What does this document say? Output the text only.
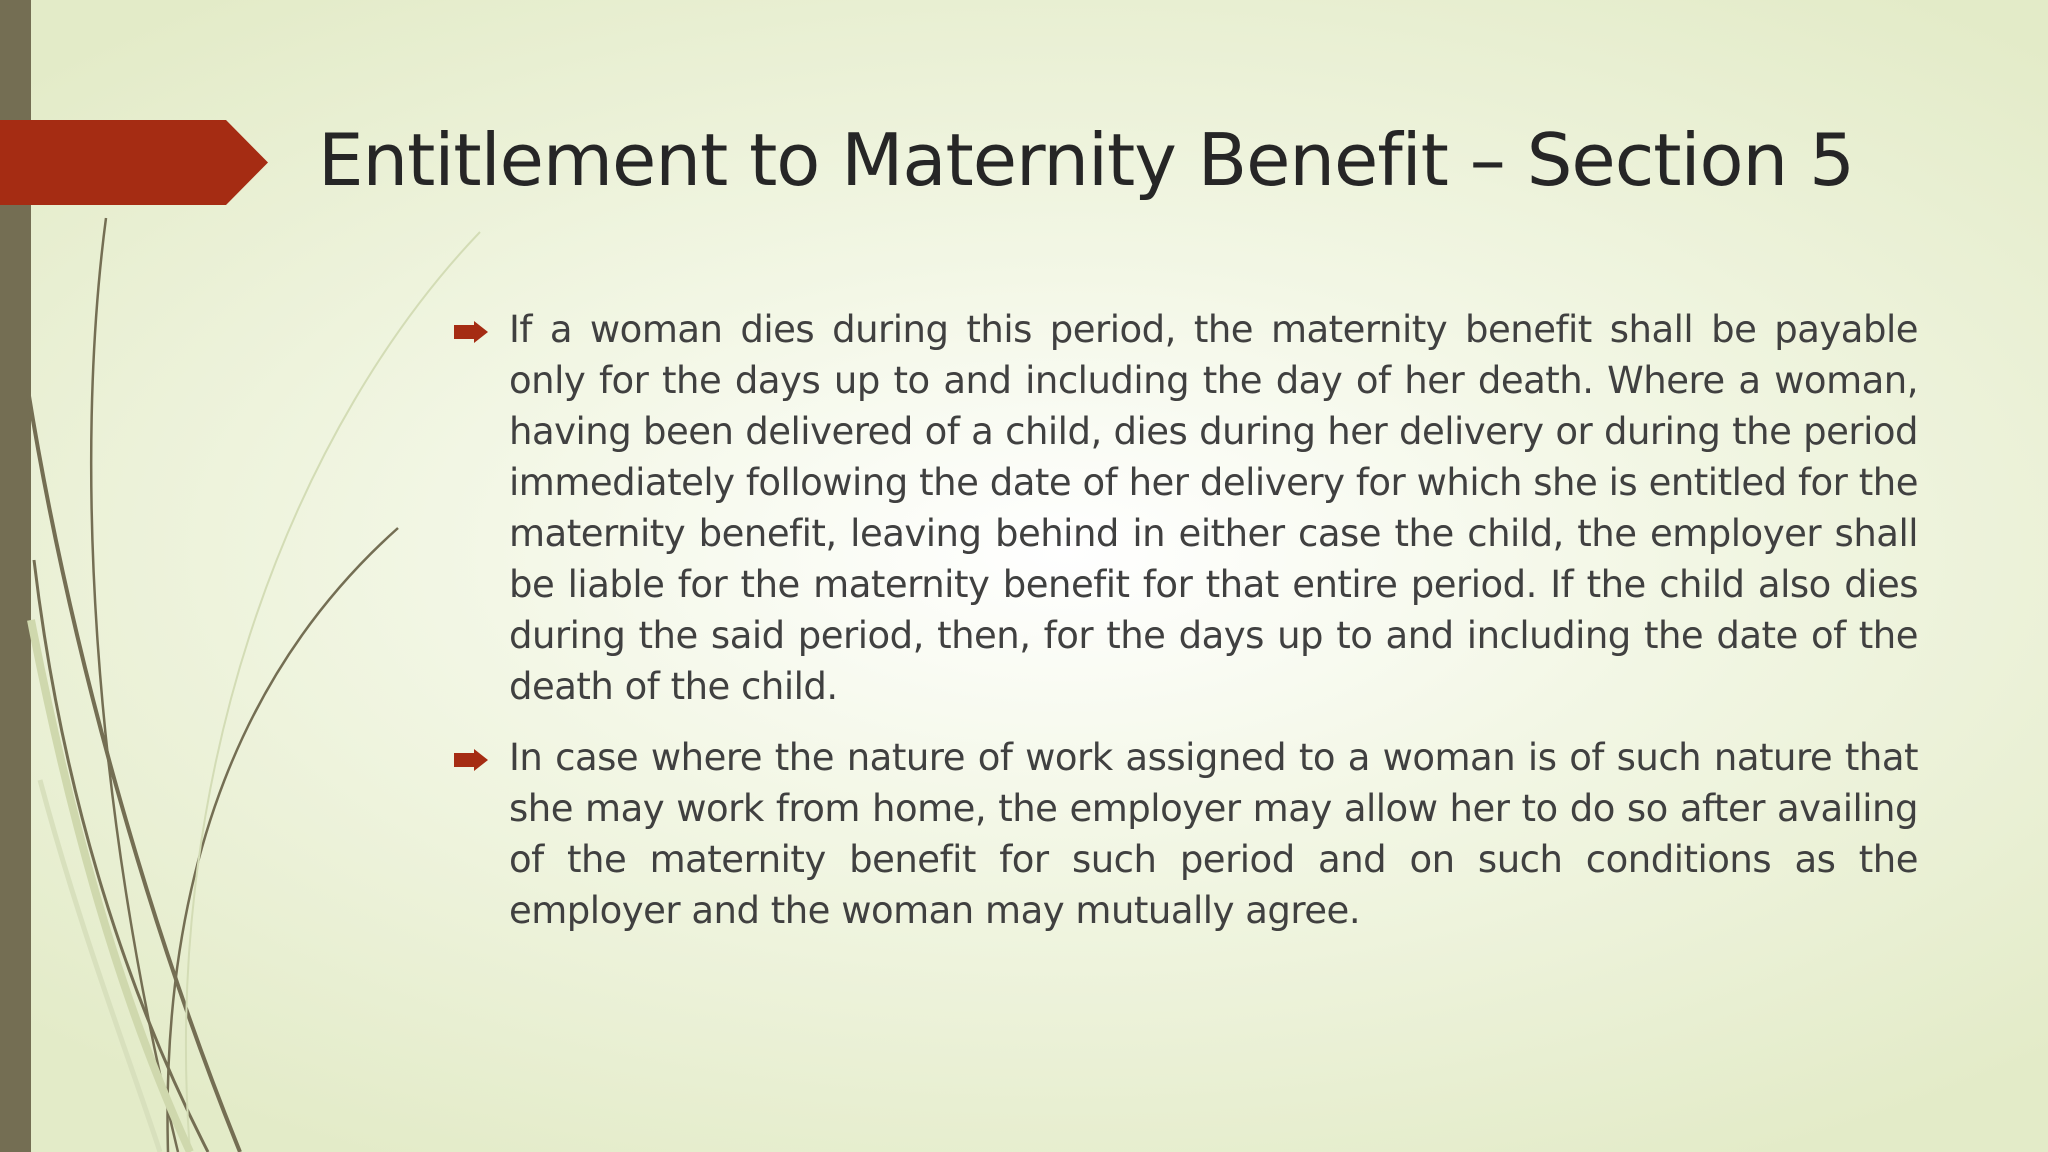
Entitlement to Maternity Benefit – Section 5
If a woman dies during this period, the maternity benefit shall be payable only for the days up to and including the day of her death. Where a woman, having been delivered of a child, dies during her delivery or during the period immediately following the date of her delivery for which she is entitled for the maternity benefit, leaving behind in either case the child, the employer shall be liable for the maternity benefit for that entire period. If the child also dies during the said period, then, for the days up to and including the date of the death of the child.
In case where the nature of work assigned to a woman is of such nature that she may work from home, the employer may allow her to do so after availing of the maternity benefit for such period and on such conditions as the employer and the woman may mutually agree.
